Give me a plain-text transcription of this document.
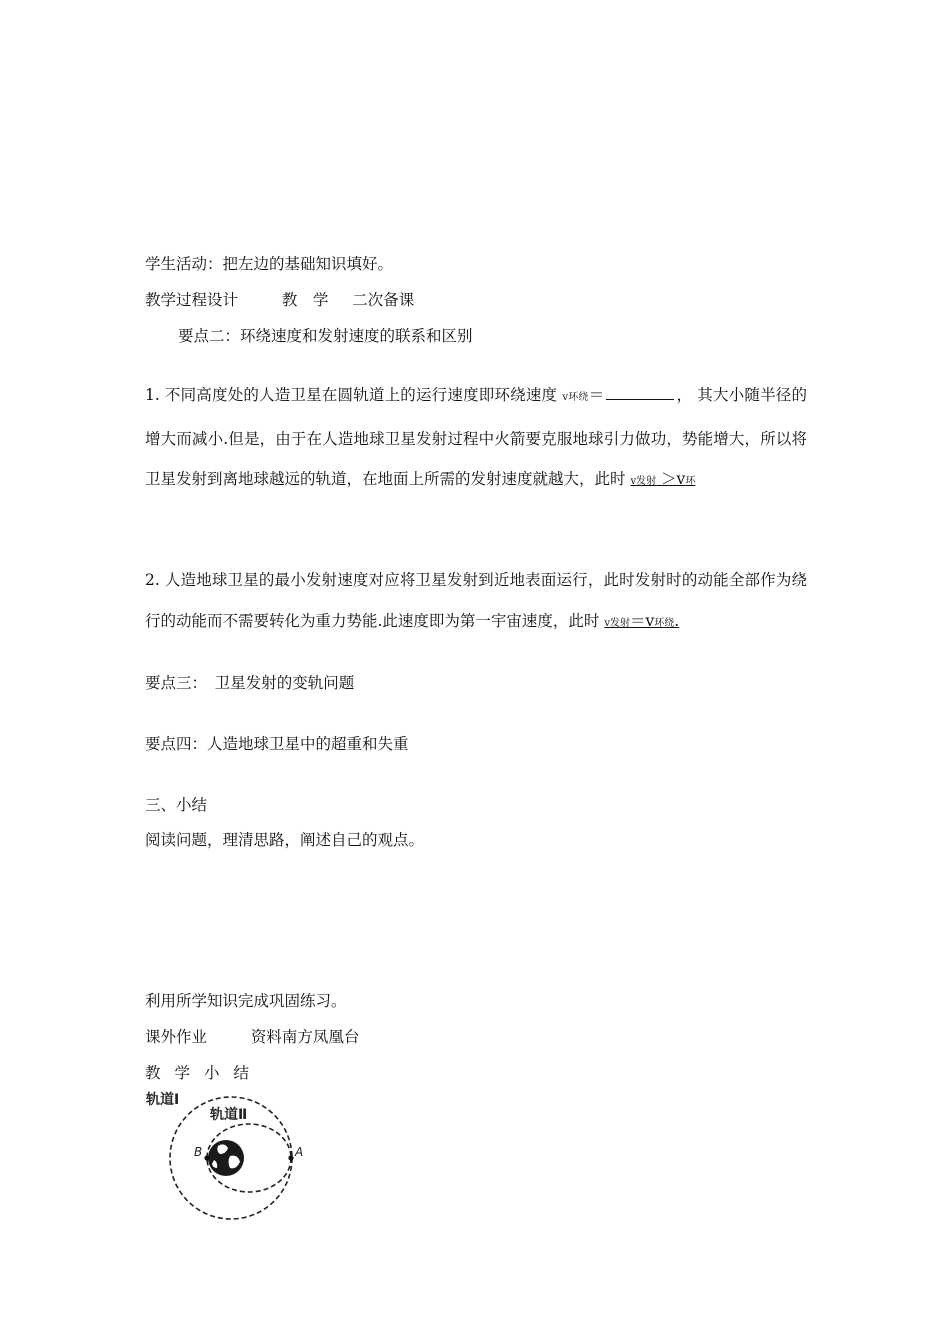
学生活动：把左边的基础知识填好。
教学过程设计	教　学 二次备课
要点二：环绕速度和发射速度的联系和区别
1. 不同高度处的人造卫星在圆轨道上的运行速度即环绕速度 v环绕＝	， 其大小随半径的增大而减小.但是，由于在人造地球卫星发射过程中火箭要克服地球引力做功，势能增大，所以将卫星发射到离地球越远的轨道，在地面上所需的发射速度就越大，此时 v发射 ＞v环
2. 人造地球卫星的最小发射速度对应将卫星发射到近地表面运行，此时发射时的动能全部作为绕行的动能而不需要转化为重力势能.此速度即为第一宇宙速度，此时 v发射＝v环绕.
要点三：　卫星发射的变轨问题
要点四：人造地球卫星中的超重和失重
三、小结
阅读问题，理清思路，阐述自己的观点。
利用所学知识完成巩固练习。
课外作业	资料南方凤凰台
教 学 小 结
轨道Ⅰ
轨道Ⅱ
B	A
